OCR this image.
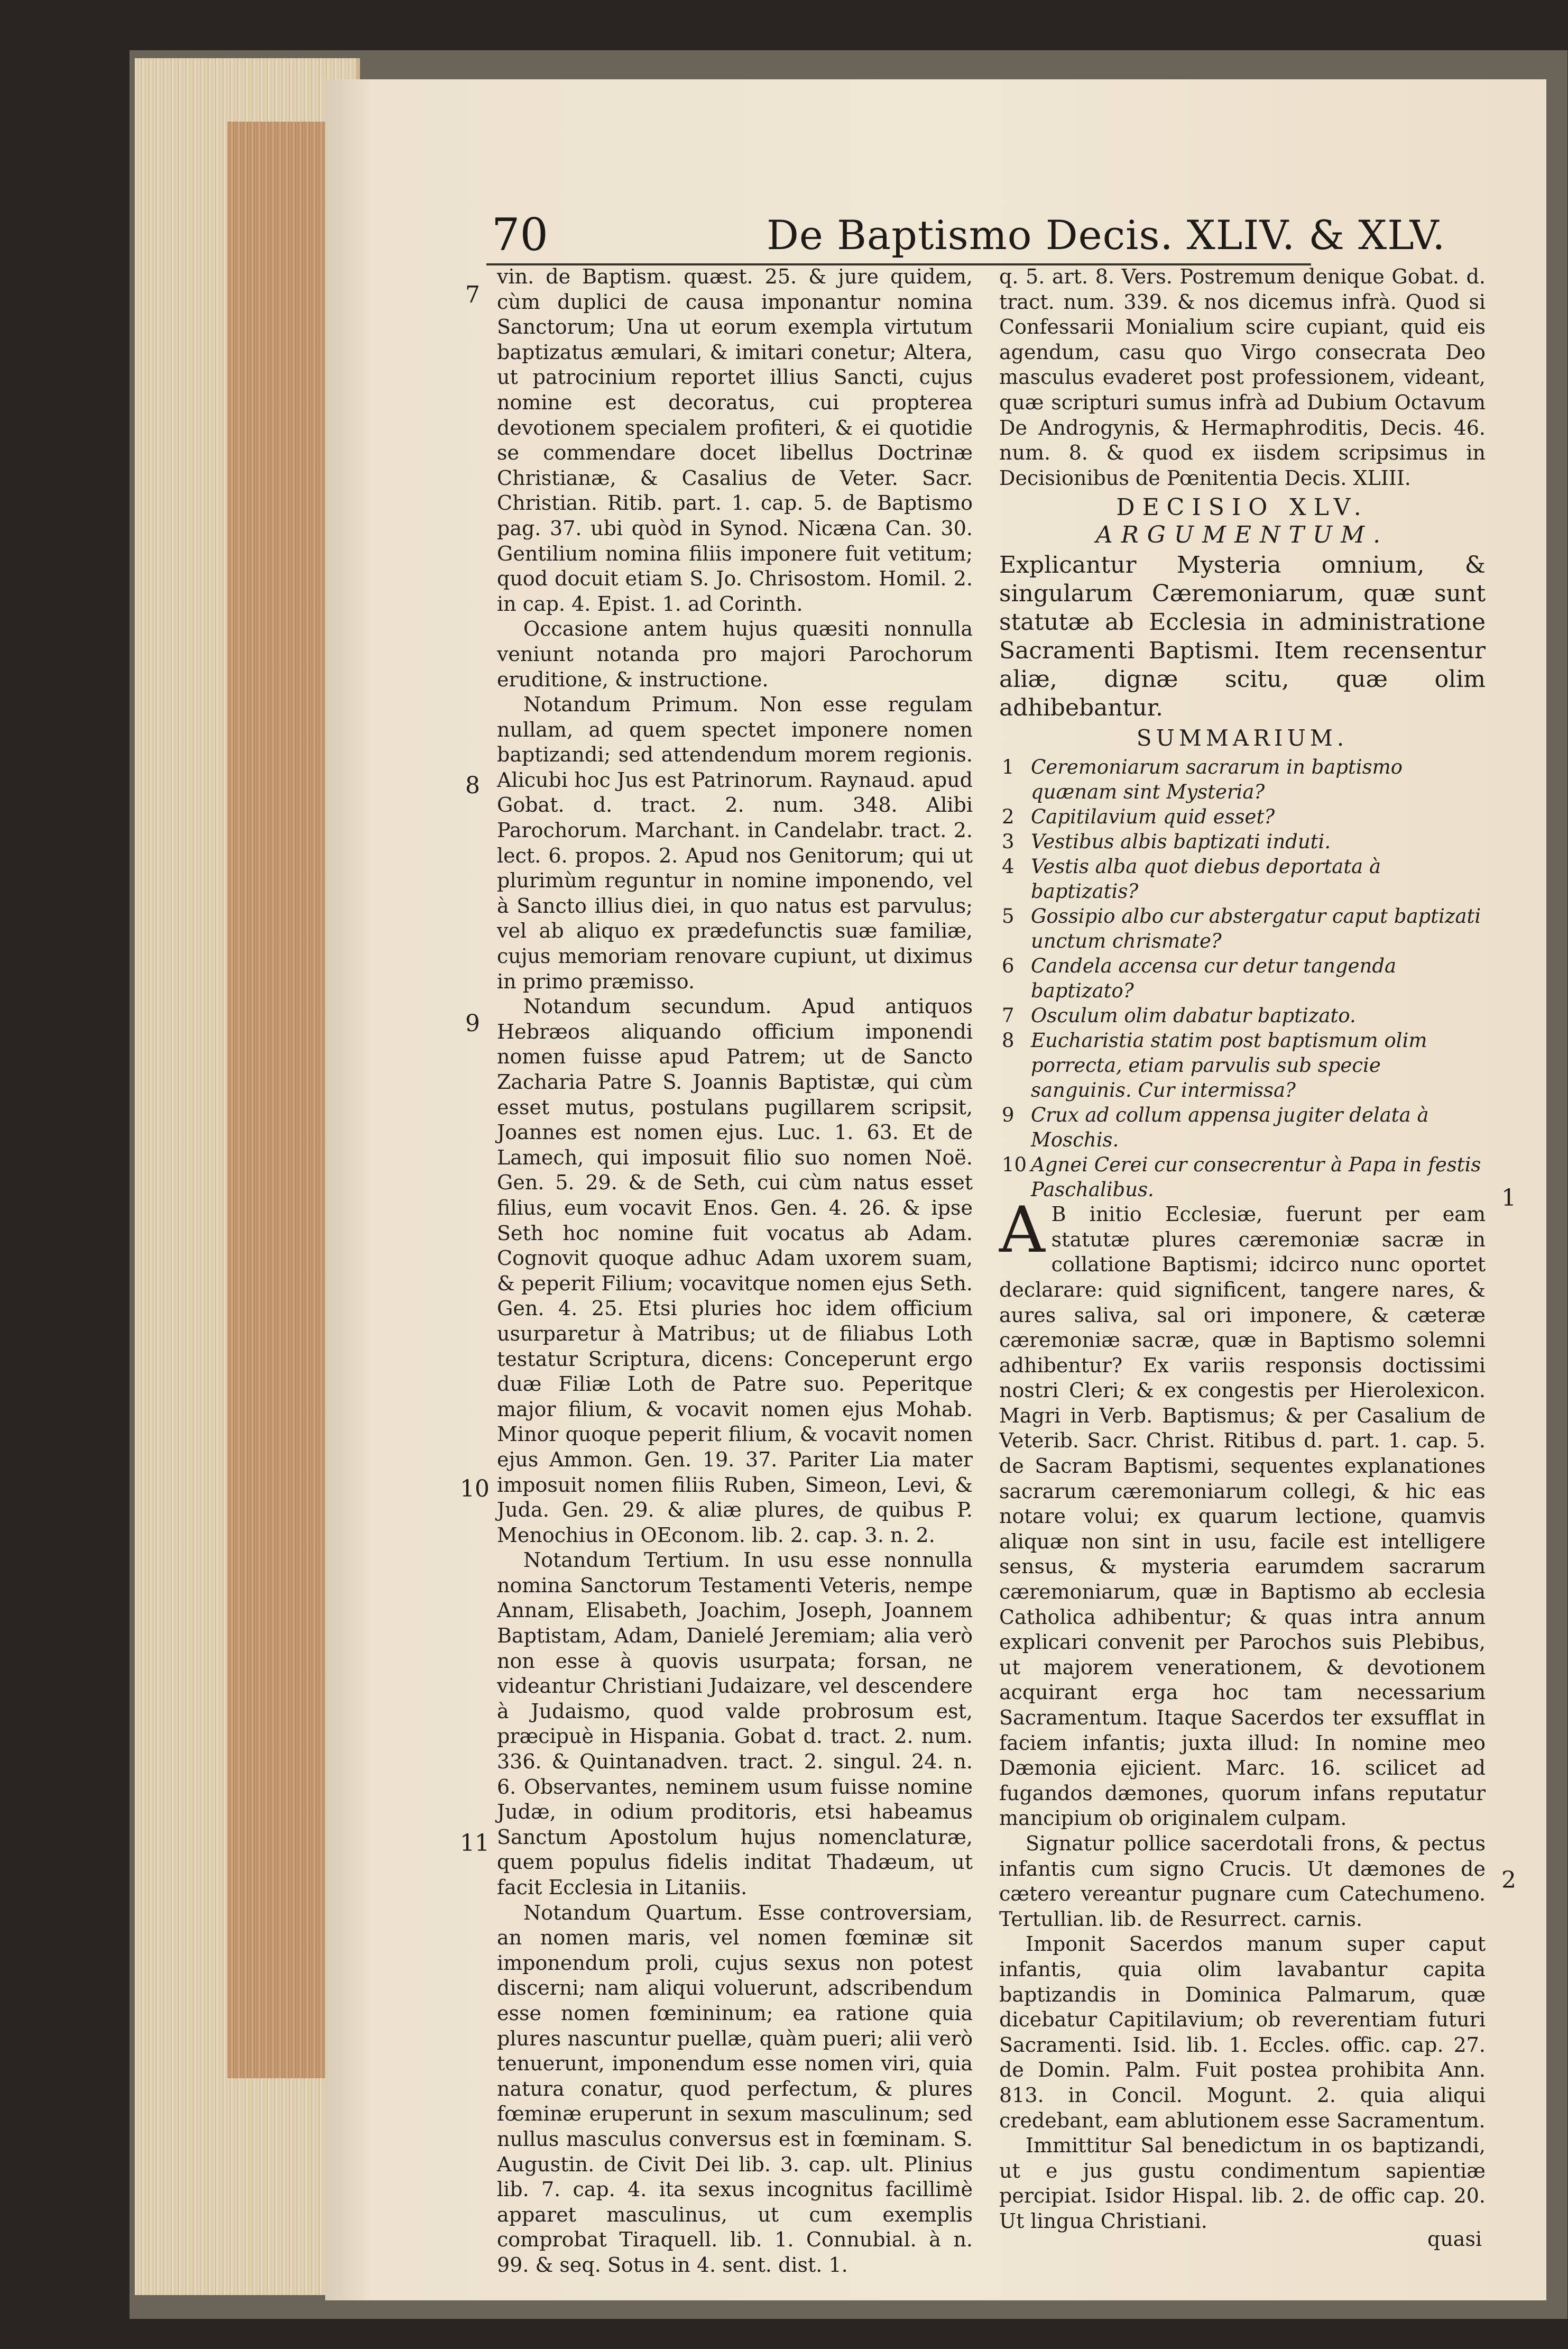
70	De Baptismo Decis. XLIV. & XLV.

vin. de Baptism. quæst. 25. & jure quidem, cùm duplici de causa imponantur nomina Sanctorum; Una ut eorum exempla virtutum baptizatus æmulari, & imitari conetur; Altera, ut patrocinium reportet illius Sancti, cujus nomine est decoratus, cui propterea devotionem specialem profiteri, & ei quotidie se commendare docet libellus Doctrinæ Christianæ, & Casalius de Veter. Sacr. Christian. Ritib. part. 1. cap. 5. de Baptismo pag. 37. ubi quòd in Synod. Nicæna Can. 30. Gentilium nomina filiis imponere fuit vetitum; quod docuit etiam S. Jo. Chrisostom. Homil. 2. in cap. 4. Epist. 1. ad Corinth.

Occasione antem hujus quæsiti nonnulla veniunt notanda pro majori Parochorum eruditione, & instructione.

Notandum Primum. Non esse regulam nullam, ad quem spectet imponere nomen baptizandi; sed attendendum morem regionis. Alicubi hoc Jus est Patrinorum. Raynaud. apud Gobat. d. tract. 2. num. 348. Alibi Parochorum. Marchant. in Candelabr. tract. 2. lect. 6. propos. 2. Apud nos Genitorum; qui ut plurimùm reguntur in nomine imponendo, vel à Sancto illius diei, in quo natus est parvulus; vel ab aliquo ex prædefunctis suæ familiæ, cujus memoriam renovare cupiunt, ut diximus in primo præmisso.

Notandum secundum. Apud antiquos Hebræos aliquando officium imponendi nomen fuisse apud Patrem; ut de Sancto Zacharia Patre S. Joannis Baptistæ, qui cùm esset mutus, postulans pugillarem scripsit, Joannes est nomen ejus. Luc. 1. 63. Et de Lamech, qui imposuit filio suo nomen Noë. Gen. 5. 29. & de Seth, cui cùm natus esset filius, eum vocavit Enos. Gen. 4. 26. & ipse Seth hoc nomine fuit vocatus ab Adam. Cognovit quoque adhuc Adam uxorem suam, & peperit Filium; vocavitque nomen ejus Seth. Gen. 4. 25. Etsi pluries hoc idem officium usurparetur à Matribus; ut de filiabus Loth testatur Scriptura, dicens: Conceperunt ergo duæ Filiæ Loth de Patre suo. Peperitque major filium, & vocavit nomen ejus Mohab. Minor quoque peperit filium, & vocavit nomen ejus Ammon. Gen. 19. 37. Pariter Lia mater imposuit nomen filiis Ruben, Simeon, Levi, & Juda. Gen. 29. & aliæ plures, de quibus P. Menochius in OEconom. lib. 2. cap. 3. n. 2.

Notandum Tertium. In usu esse nonnulla nomina Sanctorum Testamenti Veteris, nempe Annam, Elisabeth, Joachim, Joseph, Joannem Baptistam, Adam, Danielé Jeremiam; alia verò non esse à quovis usurpata; forsan, ne videantur Christiani Judaizare, vel descendere à Judaismo, quod valde probrosum est, præcipuè in Hispania. Gobat d. tract. 2. num. 336. & Quintanadven. tract. 2. singul. 24. n. 6. Observantes, neminem usum fuisse nomine Judæ, in odium proditoris, etsi habeamus Sanctum Apostolum hujus nomenclaturæ, quem populus fidelis inditat Thadæum, ut facit Ecclesia in Litaniis.

Notandum Quartum. Esse controversiam, an nomen maris, vel nomen fœminæ sit imponendum proli, cujus sexus non potest discerni; nam aliqui voluerunt, adscribendum esse nomen fœmininum; ea ratione quia plures nascuntur puellæ, quàm pueri; alii verò tenuerunt, imponendum esse nomen viri, quia natura conatur, quod perfectum, & plures fœminæ eruperunt in sexum masculinum; sed nullus masculus conversus est in fœminam. S. Augustin. de Civit Dei lib. 3. cap. ult. Plinius lib. 7. cap. 4. ita sexus incognitus facillimè apparet masculinus, ut cum exemplis comprobat Tiraquell. lib. 1. Connubial. à n. 99. & seq. Sotus in 4. sent. dist. 1.

7
8
9
10
11

q. 5. art. 8. Vers. Postremum denique Gobat. d. tract. num. 339. & nos dicemus infrà. Quod si Confessarii Monialium scire cupiant, quid eis agendum, casu quo Virgo consecrata Deo masculus evaderet post professionem, videant, quæ scripturi sumus infrà ad Dubium Octavum De Androgynis, & Hermaphroditis, Decis. 46. num. 8. & quod ex iisdem scripsimus in Decisionibus de Pœnitentia Decis. XLIII.

DECISIO XLV.

ARGUMENTUM.

Explicantur Mysteria omnium, & singularum Cæremoniarum, quæ sunt statutæ ab Ecclesia in administratione Sacramenti Baptismi. Item recensentur aliæ, dignæ scitu, quæ olim adhibebantur.

SUMMARIUM.

1 Ceremoniarum sacrarum in baptismo quænam sint Mysteria?
2 Capitilavium quid esset?
3 Vestibus albis baptizati induti.
4 Vestis alba quot diebus deportata à baptizatis?
5 Gossipio albo cur abstergatur caput baptizati unctum chrismate?
6 Candela accensa cur detur tangenda baptizato?
7 Osculum olim dabatur baptizato.
8 Eucharistia statim post baptismum olim porrecta, etiam parvulis sub specie sanguinis. Cur intermissa?
9 Crux ad collum appensa jugiter delata à Moschis.
10 Agnei Cerei cur consecrentur à Papa in festis Paschalibus.

A B initio Ecclesiæ, fuerunt per eam statutæ plures cæremoniæ sacræ in collatione Baptismi; idcirco nunc oportet declarare: quid significent, tangere nares, & aures saliva, sal ori imponere, & cæteræ cæremoniæ sacræ, quæ in Baptismo solemni adhibentur? Ex variis responsis doctissimi nostri Cleri; & ex congestis per Hierolexicon. Magri in Verb. Baptismus; & per Casalium de Veterib. Sacr. Christ. Ritibus d. part. 1. cap. 5. de Sacram Baptismi, sequentes explanationes sacrarum cæremoniarum collegi, & hic eas notare volui; ex quarum lectione, quamvis aliquæ non sint in usu, facile est intelligere sensus, & mysteria earumdem sacrarum cæremoniarum, quæ in Baptismo ab ecclesia Catholica adhibentur; & quas intra annum explicari convenit per Parochos suis Plebibus, ut majorem venerationem, & devotionem acquirant erga hoc tam necessarium Sacramentum. Itaque Sacerdos ter exsufflat in faciem infantis; juxta illud: In nomine meo Dæmonia ejicient. Marc. 16. scilicet ad fugandos dæmones, quorum infans reputatur mancipium ob originalem culpam.

Signatur pollice sacerdotali frons, & pectus infantis cum signo Crucis. Ut dæmones de cætero vereantur pugnare cum Catechumeno. Tertullian. lib. de Resurrect. carnis.

Imponit Sacerdos manum super caput infantis, quia olim lavabantur capita baptizandis in Dominica Palmarum, quæ dicebatur Capitilavium; ob reverentiam futuri Sacramenti. Isid. lib. 1. Eccles. offic. cap. 27. de Domin. Palm. Fuit postea prohibita Ann. 813. in Concil. Mogunt. 2. quia aliqui credebant, eam ablutionem esse Sacramentum.

Immittitur Sal benedictum in os baptizandi, ut e jus gustu condimentum sapientiæ percipiat. Isidor Hispal. lib. 2. de offic cap. 20. Ut lingua Christiani.

1
2
quasi
